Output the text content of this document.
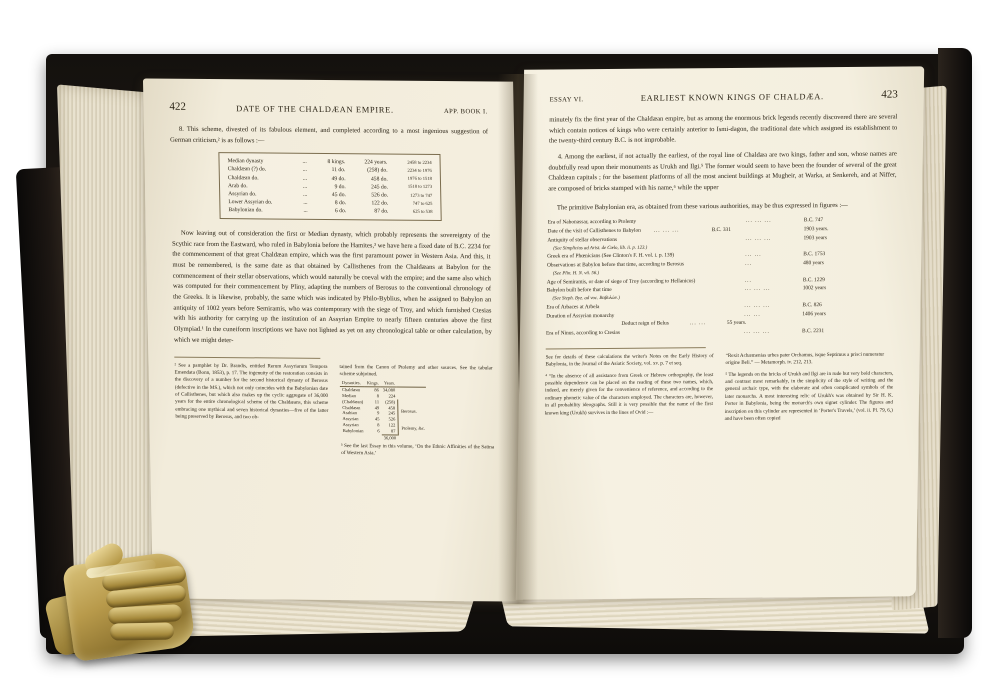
422	DATE OF THE CHALDÆAN EMPIRE.	APP. BOOK I.

8. This scheme, divested of its fabulous element, and completed according to a most ingenious suggestion of German criticism,² is as follows :—

Median dynasty	...	8 kings.	224 years.	2458 to 2234
Chaldæan (?) do.	...	11 do.	(258) do.	2234 to 1976
Chaldæan do.	...	49 do.	458 do.	1976 to 1518
Arab do.	...	9 do.	245 do.	1518 to 1273
Assyrian do.	...	45 do.	526 do.	1273 to 747
Lower Assyrian do.	...	8 do.	122 do.	747 to 625
Babylonian do.	...	6 do.	87 do.	625 to 538

Now leaving out of consideration the first or Median dynasty, which probably represents the sovereignty of the Scythic race from the Eastward, who ruled in Babylonia before the Hamites,³ we have here a fixed date of B.C. 2234 for the commencement of that great Chaldæan empire, which was the first paramount power in Western Asia. And this, it must be remembered, is the same date as that obtained by Callisthenes from the Chaldæans at Babylon for the commencement of their stellar observations, which would naturally be coeval with the empire; and the same also which was computed for their commencement by Pliny, adapting the numbers of Berosus to the conventional chronology of the Greeks. It is likewise, probably, the same which was indicated by Philo-Byblius, when he assigned to Babylon an antiquity of 1002 years before Semiramis, who was contemporary with the siege of Troy, and which furnished Ctesias with his authority for carrying up the institution of an Assyrian Empire to nearly fifteen centuries above the first Olympiad.¹ In the cuneiform inscriptions we have not lighted as yet on any chronological table or other calculation, by which we might deter-

² See a pamphlet by Dr. Brandis, entitled Rerum Assyriarum Tempora Emendata (Bonn, 1853), p. 17. The ingenuity of the restoration consists in the discovery of a number for the second historical dynasty of Berosus (defective in the MS.), which not only coincides with the Babylonian date of Callisthenes, but which also makes up the cyclic aggregate of 36,000 years for the entire chronological scheme of the Chaldæans, this scheme embracing one mythical and seven historical dynasties—five of the latter being preserved by Berosus, and two ob-
tained from the Canon of Ptolemy and other sources. See the tabular scheme subjoined.
Dynasties.	Kings.	Years.	
Chaldæan	86	34,080	
Median	8	224	
(Chaldæan)	11	(258)	Berosus.
Chaldæan	49	458	
Arabian	9	245	
Assyrian	45	526	
Assyrian	8	122	Ptolemy, &c.
Babylonian	6	87	
		36,000	
³ See the last Essay in this volume, ‘On the Ethnic Affinities of the Satina of Western Asia.’
ESSAY VI.	EARLIEST KNOWN KINGS OF CHALDÆA.	423

minutely fix the first year of the Chaldæan empire, but as among the enormous brick legends recently discovered there are several which contain notices of kings who were certainly anterior to Ismi-dagon, the traditional date which assigned its establishment to the twenty-third century B.C. is not improbable.

4. Among the earliest, if not actually the earliest, of the royal line of Chaldæa are two kings, father and son, whose names are doubtfully read upon their monuments as Urukh and Ilgi.⁵ The former would seem to have been the founder of several of the great Chaldæan capitals ; for the basement platforms of all the most ancient buildings at Mugheir, at Warka, at Senkereh, and at Niffer, are composed of bricks stamped with his name,⁶ while the upper

The primitive Babylonian era, as obtained from these various authorities, may be thus expressed in figures :—

Era of Nabonassar, according to Ptolemy	... ... ...	B.C. 747
Date of the visit of Callisthenes to Babylon	... ... ...	B.C. 331	1903 years.
Antiquity of stellar observations	... ... ...	1903 years
(See Simplicius ad Arist. de Cœlo, lib. ii. p. 123.)
Greek era of Phœnicians (See Clinton's F. H. vol. i. p. 139)	... ...	B.C. 1753
Observations at Babylon before that time, according to Berosus	...	480 years
(See Plin. H. N. vii. 56.)
Age of Semiramis, or date of siege of Troy (according to Hellanicus)	...	B.C. 1229
Babylon built before that time	... ... ...	1002 years
(See Steph. Byz. ad voc. Βαβυλών.)
Era of Arbaces at Arbela	... ... ...	B.C. 826
Duration of Assyrian monarchy	... ...	1406 years
Deduct reign of Belus	... ...	55 years.
Era of Ninus, according to Ctesias	... ... ...	B.C. 2231
See for details of these calculations the writer's Notes on the Early History of Babylonia, in the Journal of the Asiatic Society, vol. xv. p. 7 et seq.
⁴ “In the absence of all assistance from Greek or Hebrew orthography, the least possible dependence can be placed on the reading of these two names, which, indeed, are merely given for the convenience of reference, and according to the ordinary phonetic value of the characters employed. The characters are, however, in all probability ideographs. Still it is very possible that the name of the first known king (Urukh) survives in the lines of Ovid :—
“Rexit Achæmenias urbes pater Orchamus, isque Septimus a prisci numeratur origine Beli.” — Metamorph. iv. 212, 213.
⁵ The legends on the bricks of Urukh and Ilgi are in rude but very bold characters, and contrast most remarkably, in the simplicity of the style of writing and the general archaic type, with the elaborate and often complicated symbols of the later monarchs. A most interesting relic of Urukh's was obtained by Sir H. K. Porter in Babylonia, being the monarch's own signet cylinder. The figures and inscription on this cylinder are represented in ‘Porter's Travels,’ (vol. ii. Pl. 79, 6,) and have been often copied
